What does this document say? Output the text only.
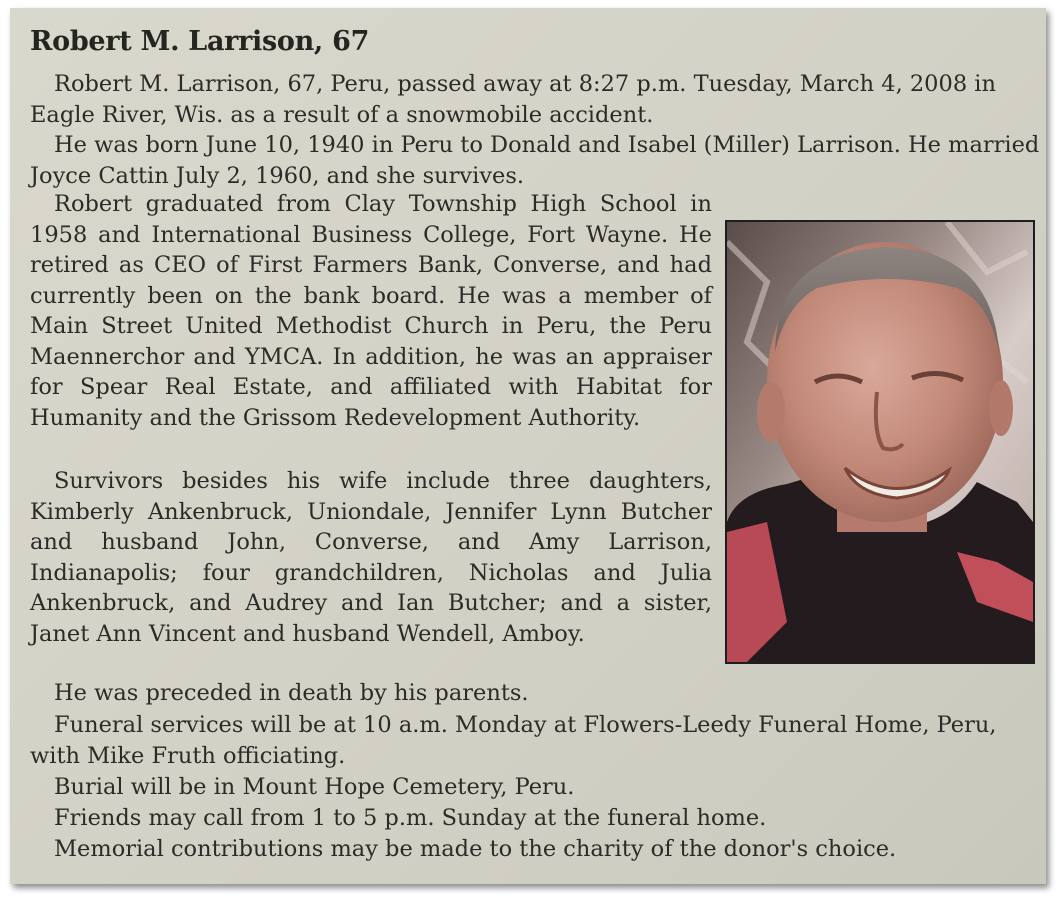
Robert M. Larrison, 67

Robert M. Larrison, 67, Peru, passed away at 8:27 p.m. Tuesday, March 4, 2008 in Eagle River, Wis. as a result of a snowmobile accident.

He was born June 10, 1940 in Peru to Donald and Isabel (Miller) Larrison. He married Joyce Cattin July 2, 1960, and she survives.

Robert graduated from Clay Township High School in 1958 and International Business College, Fort Wayne. He retired as CEO of First Farmers Bank, Converse, and had currently been on the bank board. He was a member of Main Street United Methodist Church in Peru, the Peru Maennerchor and YMCA. In addition, he was an appraiser for Spear Real Estate, and affiliated with Habitat for Humanity and the Grissom Redevelopment Authority.

Survivors besides his wife include three daughters, Kimberly Ankenbruck, Uniondale, Jennifer Lynn Butcher and husband John, Converse, and Amy Larrison, Indianapolis; four grandchildren, Nicholas and Julia Ankenbruck, and Audrey and Ian Butcher; and a sister, Janet Ann Vincent and husband Wendell, Amboy.

He was preceded in death by his parents.

Funeral services will be at 10 a.m. Monday at Flowers-Leedy Funeral Home, Peru, with Mike Fruth officiating.

Burial will be in Mount Hope Cemetery, Peru.

Friends may call from 1 to 5 p.m. Sunday at the funeral home.

Memorial contributions may be made to the charity of the donor's choice.
